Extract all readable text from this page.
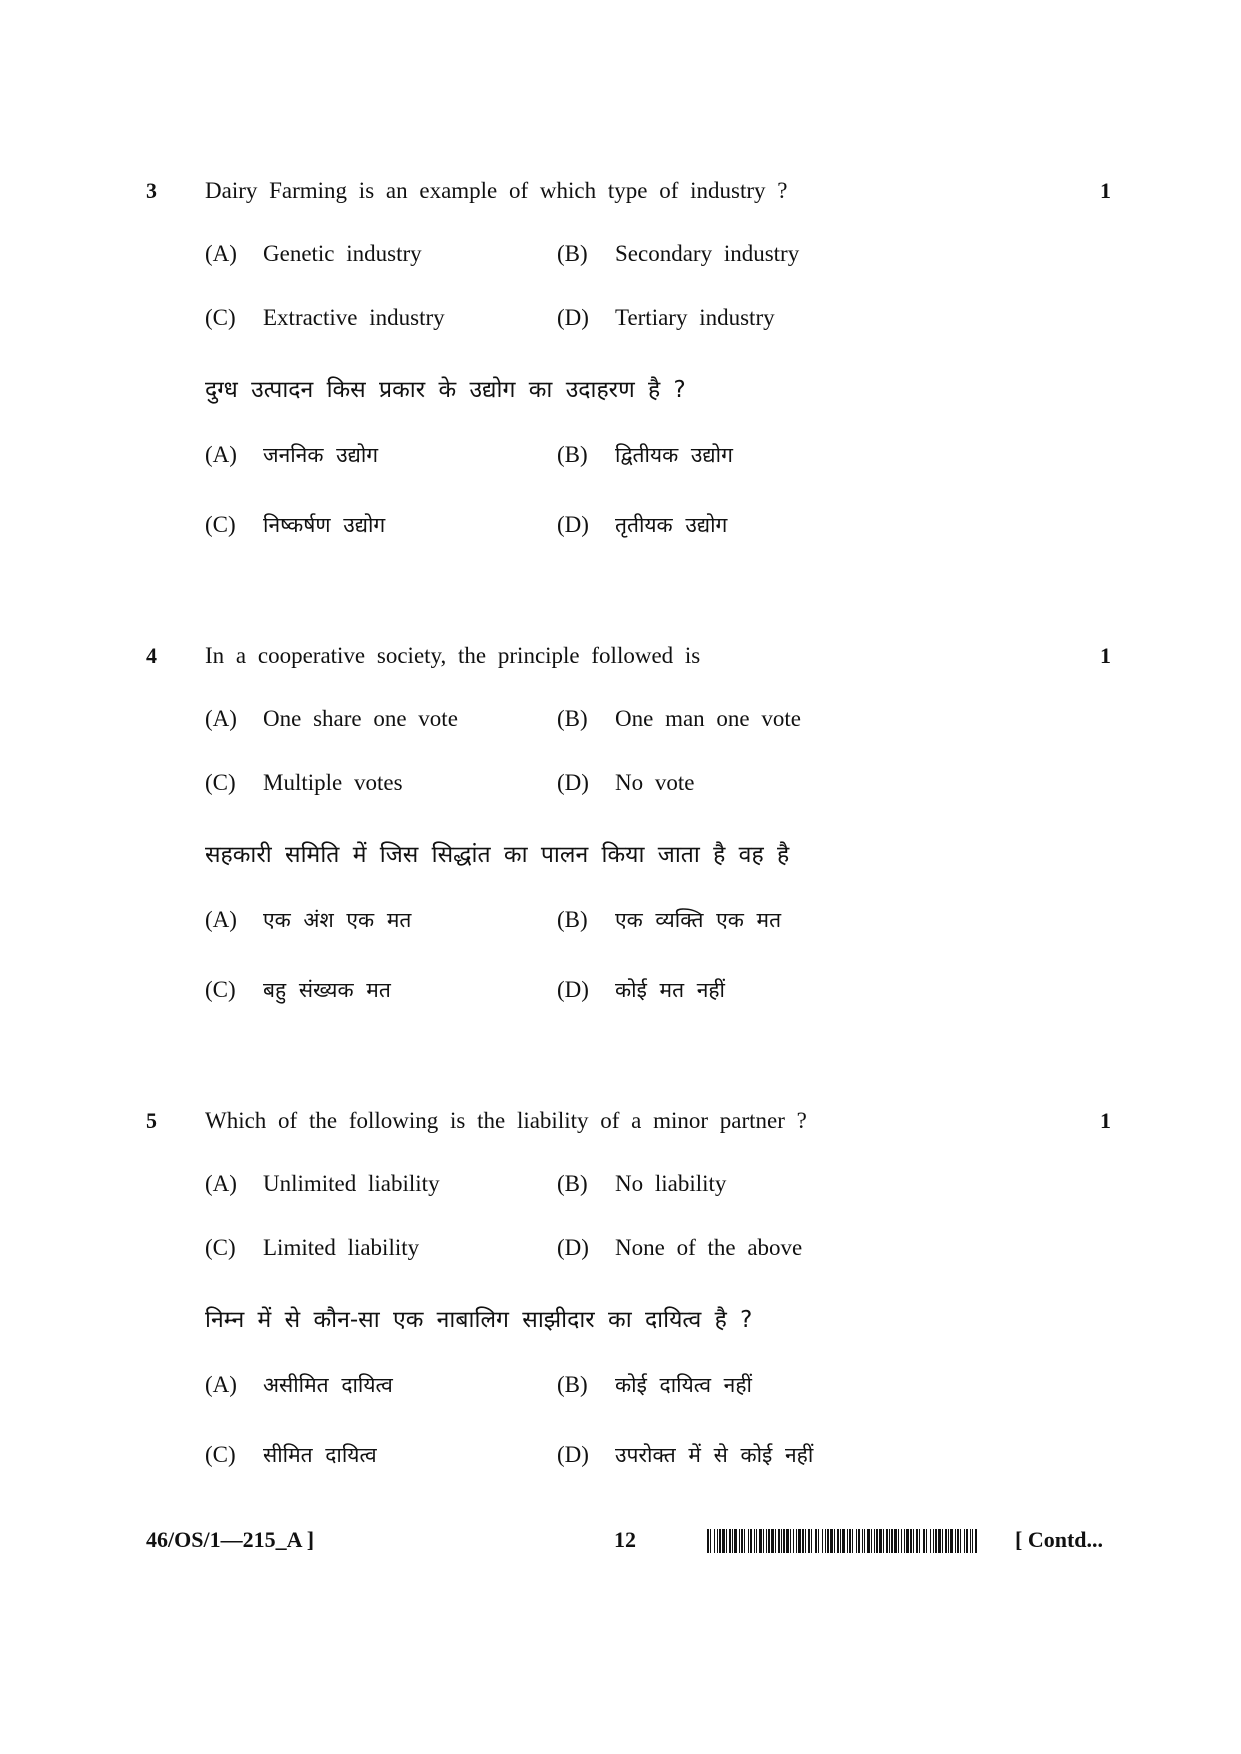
3 Dairy Farming is an example of which type of industry ?	1
(A) Genetic industry	(B) Secondary industry
(C) Extractive industry	(D) Tertiary industry
दुग्ध उत्पादन किस प्रकार के उद्योग का उदाहरण है ?
(A) जननिक उद्योग	(B) द्वितीयक उद्योग
(C) निष्कर्षण उद्योग	(D) तृतीयक उद्योग
4 In a cooperative society, the principle followed is	1
(A) One share one vote	(B) One man one vote
(C) Multiple votes	(D) No vote
सहकारी समिति में जिस सिद्धांत का पालन किया जाता है वह है
(A) एक अंश एक मत	(B) एक व्यक्ति एक मत
(C) बहु संख्यक मत	(D) कोई मत नहीं
5 Which of the following is the liability of a minor partner ?	1
(A) Unlimited liability	(B) No liability
(C) Limited liability	(D) None of the above
निम्न में से कौन-सा एक नाबालिग साझीदार का दायित्व है ?
(A) असीमित दायित्व	(B) कोई दायित्व नहीं
(C) सीमित दायित्व	(D) उपरोक्त में से कोई नहीं
46/OS/1—215_A ]	12	[ Contd...
